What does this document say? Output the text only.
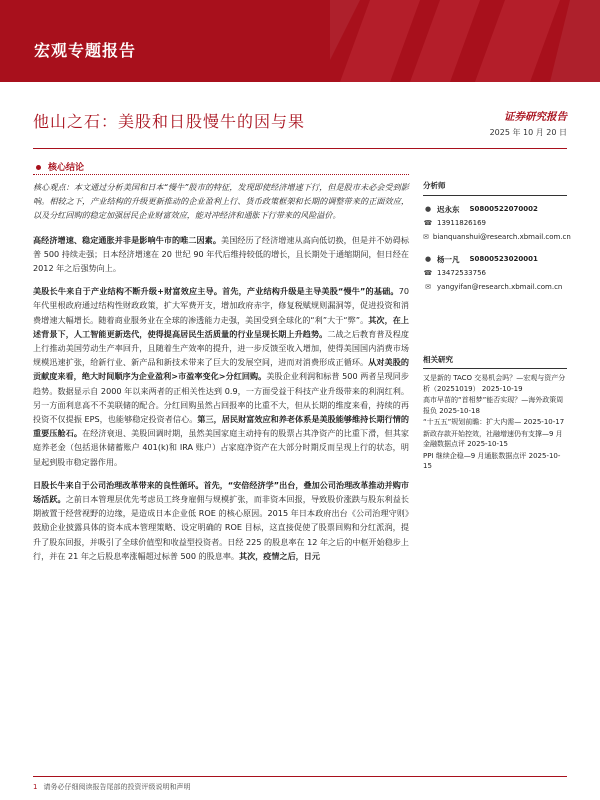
宏观专题报告
他山之石：美股和日股慢牛的因与果	证券研究报告
2025 年 10 月 20 日
核心结论

核心观点：本文通过分析美国和日本“慢牛”股市的特征，发现即使经济增速下行，但是股市未必会受到影响。相较之下，产业结构的升级更新推动的企业盈利上行、货币政策框架和长期的调整带来的正面效应，以及分红回购的稳定加强居民企业财富效应，能对冲经济和通胀下行带来的风险溢价。

高经济增速、稳定通胀并非是影响牛市的唯二因素。美国经历了经济增速从高向低切换，但是并不妨碍标普 500 持续走强；日本经济增速在 20 世纪 90 年代后维持较低的增长，且长期处于通缩期间，但日经在 2012 年之后强势向上。

美股长牛来自于产业结构不断升级+财富效应主导。首先，产业结构升级是主导美股“慢牛”的基础。70 年代里根政府通过结构性财政政策，扩大军费开支，增加政府赤字，修复税赋规则漏洞等，促进投资和消费增速大幅增长。随着商业服务业在全球的渗透能力走强，美国受到全球化的“利”大于“弊”。其次，在上述背景下，人工智能更新迭代，使得提高居民生活质量的行业呈现长期上升趋势。二战之后教育普及程度上行推动美国劳动生产率回升，且随着生产效率的提升，进一步反馈至收入增加，使得美国国内消费市场规模迅速扩张，给新行业、新产品和新技术带来了巨大的发展空间，进而对消费形成正循环。从对美股的贡献度来看，绝大时间顺序为企业盈利>市盈率变化>分红回购。美股企业利润和标普 500 两者呈现同步趋势。数据显示自 2000 年以来两者的正相关性达到 0.9，一方面受益于科技产业升级带来的利润红利。另一方面利息高不不美联储的配合。分红回购虽然占回报率的比重不大，但从长期的维度来看，持续的再投资不仅提振 EPS，也能够稳定投资者信心。第三，居民财富效应和养老体系是美股能够维持长期行情的重要压舱石。在经济衰退、美股回调时期，虽然美国家庭主动持有的股票占其净资产的比重下滑，但其家庭养老金（包括退休储蓄账户 401(k)和 IRA 账户）占家庭净资产在大部分时期反而呈现上行的状态，明显起到股市稳定器作用。

日股长牛来自于公司治理改革带来的良性循环。首先，“安倍经济学”出台，叠加公司治理改革推动并购市场活跃。之前日本管理层优先考虑员工终身雇佣与规模扩张，而非资本回报，导致股价涨跌与股东利益长期被置于经营视野的边缘，是造成日本企业低 ROE 的核心原因。2015 年日本政府出台《公司治理守则》鼓励企业披露具体的资本成本管理策略、设定明确的 ROE 目标，这直接促使了股票回购和分红派润，提升了股东回报，并吸引了全球价值型和收益型投资者。日经 225 的股息率在 12 年之后的中枢开始稳步上行，并在 21 年之后股息率涨幅超过标普 500 的股息率。其次，疫情之后，日元

分析师
● 迟永东 S0800522070002
☎ 13911826169
✉ bianquanshui@research.xbmail.com.cn
● 杨一凡 S0800523020001
☎ 13472533756
✉ yangyifan@research.xbmail.com.cn
相关研究
又是新的 TACO 交易机会吗？—宏观与资产分析（20251019） 2025-10-19
高市早苗的“首相梦”能否实现？—海外政策周报负 2025-10-18
“十五五”规划前瞻：扩大内需— 2025-10-17
新政存款开始控效，社融增速仍有支撑—9 月金融数据点评 2025-10-15
PPI 继续企稳—9 月通胀数据点评 2025-10-15
1 请务必仔细阅读报告尾部的投资评级说明和声明
